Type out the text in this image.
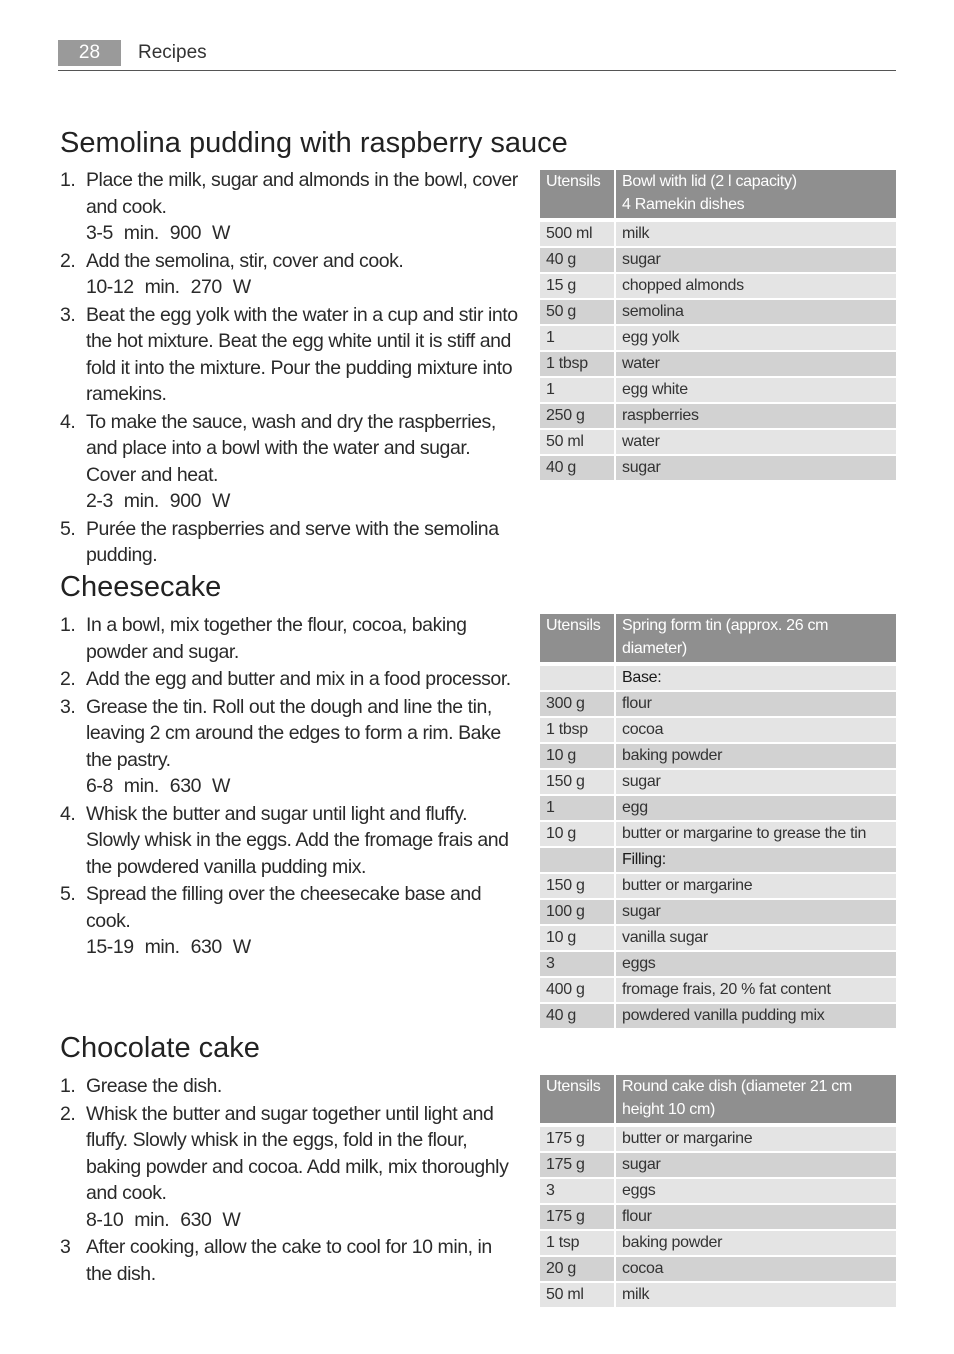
28	Recipes
Semolina pudding with raspberry sauce
1. Place the milk, sugar and almonds in the bowl, cover and cook.
3-5 min. 900 W
2. Add the semolina, stir, cover and cook.
10-12 min. 270 W
3. Beat the egg yolk with the water in a cup and stir into the hot mixture. Beat the egg white until it is stiff and fold it into the mixture. Pour the pudding mixture into ramekins.
4. To make the sauce, wash and dry the raspberries, and place into a bowl with the water and sugar. Cover and heat.
2-3 min. 900 W
5. Purée the raspberries and serve with the semolina pudding.
Utensils	Bowl with lid (2 l capacity)
4 Ramekin dishes
500 ml	milk
40 g	sugar
15 g	chopped almonds
50 g	semolina
1	egg yolk
1 tbsp	water
1	egg white
250 g	raspberries
50 ml	water
40 g	sugar
Cheesecake
1. In a bowl, mix together the flour, cocoa, baking powder and sugar.
2. Add the egg and butter and mix in a food processor.
3. Grease the tin. Roll out the dough and line the tin, leaving 2 cm around the edges to form a rim. Bake the pastry.
6-8 min. 630 W
4. Whisk the butter and sugar until light and fluffy. Slowly whisk in the eggs. Add the fromage frais and the powdered vanilla pudding mix.
5. Spread the filling over the cheesecake base and cook.
15-19 min. 630 W
Utensils	Spring form tin (approx. 26 cm diameter)
	Base:
300 g	flour
1 tbsp	cocoa
10 g	baking powder
150 g	sugar
1	egg
10 g	butter or margarine to grease the tin
	Filling:
150 g	butter or margarine
100 g	sugar
10 g	vanilla sugar
3	eggs
400 g	fromage frais, 20 % fat content
40 g	powdered vanilla pudding mix
Chocolate cake
1. Grease the dish.
2. Whisk the butter and sugar together until light and fluffy. Slowly whisk in the eggs, fold in the flour, baking powder and cocoa. Add milk, mix thoroughly and cook.
8-10 min. 630 W
3 After cooking, allow the cake to cool for 10 min, in the dish.
Utensils	Round cake dish (diameter 21 cm height 10 cm)
175 g	butter or margarine
175 g	sugar
3	eggs
175 g	flour
1 tsp	baking powder
20 g	cocoa
50 ml	milk
